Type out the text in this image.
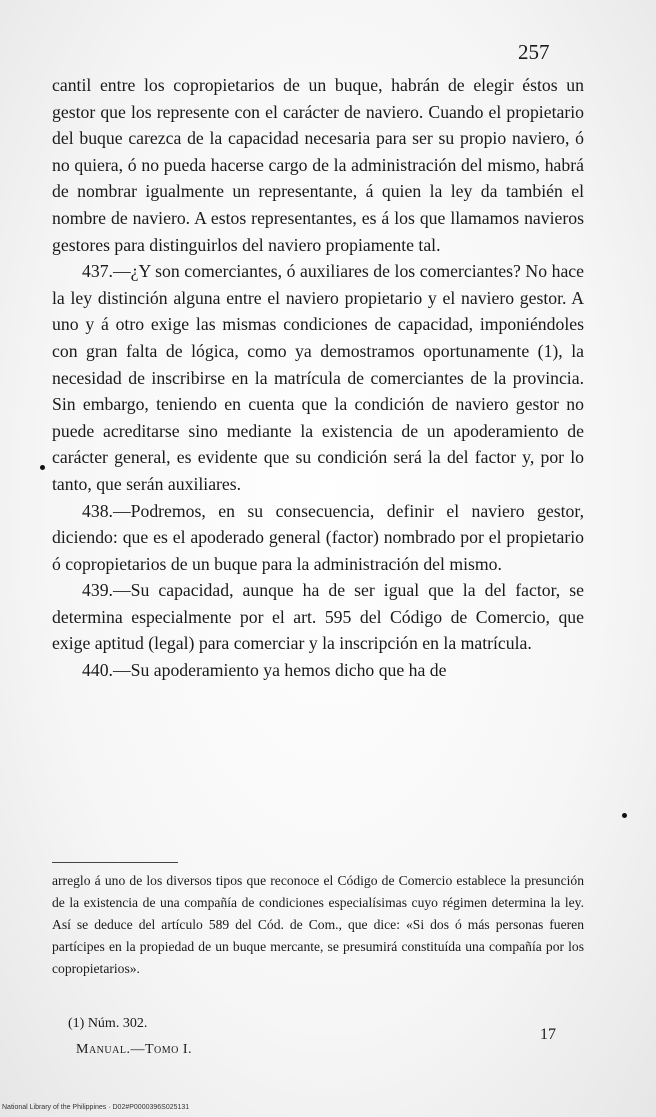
257

cantil entre los copropietarios de un buque, habrán de elegir éstos un gestor que los represente con el carácter de naviero. Cuando el propietario del buque carezca de la capacidad necesaria para ser su propio naviero, ó no quiera, ó no pueda hacerse cargo de la administración del mismo, habrá de nombrar igualmente un representante, á quien la ley da también el nombre de naviero. A estos representantes, es á los que llamamos navieros gestores para distinguirlos del naviero propiamente tal.

437.—¿Y son comerciantes, ó auxiliares de los comerciantes? No hace la ley distinción alguna entre el naviero propietario y el naviero gestor. A uno y á otro exige las mismas condiciones de capacidad, imponiéndoles con gran falta de lógica, como ya demostramos oportunamente (1), la necesidad de inscribirse en la matrícula de comerciantes de la provincia. Sin embargo, teniendo en cuenta que la condición de naviero gestor no puede acreditarse sino mediante la existencia de un apoderamiento de carácter general, es evidente que su condición será la del factor y, por lo tanto, que serán auxiliares.

438.—Podremos, en su consecuencia, definir el naviero gestor, diciendo: que es el apoderado general (factor) nombrado por el propietario ó copropietarios de un buque para la administración del mismo.

439.—Su capacidad, aunque ha de ser igual que la del factor, se determina especialmente por el art. 595 del Código de Comercio, que exige aptitud (legal) para comerciar y la inscripción en la matrícula.

440.—Su apoderamiento ya hemos dicho que ha de

arreglo á uno de los diversos tipos que reconoce el Código de Comercio establece la presunción de la existencia de una compañía de condiciones especialísimas cuyo régimen determina la ley. Así se deduce del artículo 589 del Cód. de Com., que dice: «Si dos ó más personas fueren partícipes en la propiedad de un buque mercante, se presumirá constituída una compañía por los copropietarios».
(1) Núm. 302.
Manual.—Tomo I.
17
National Library of the Philippines · D02#P0000396S025131
